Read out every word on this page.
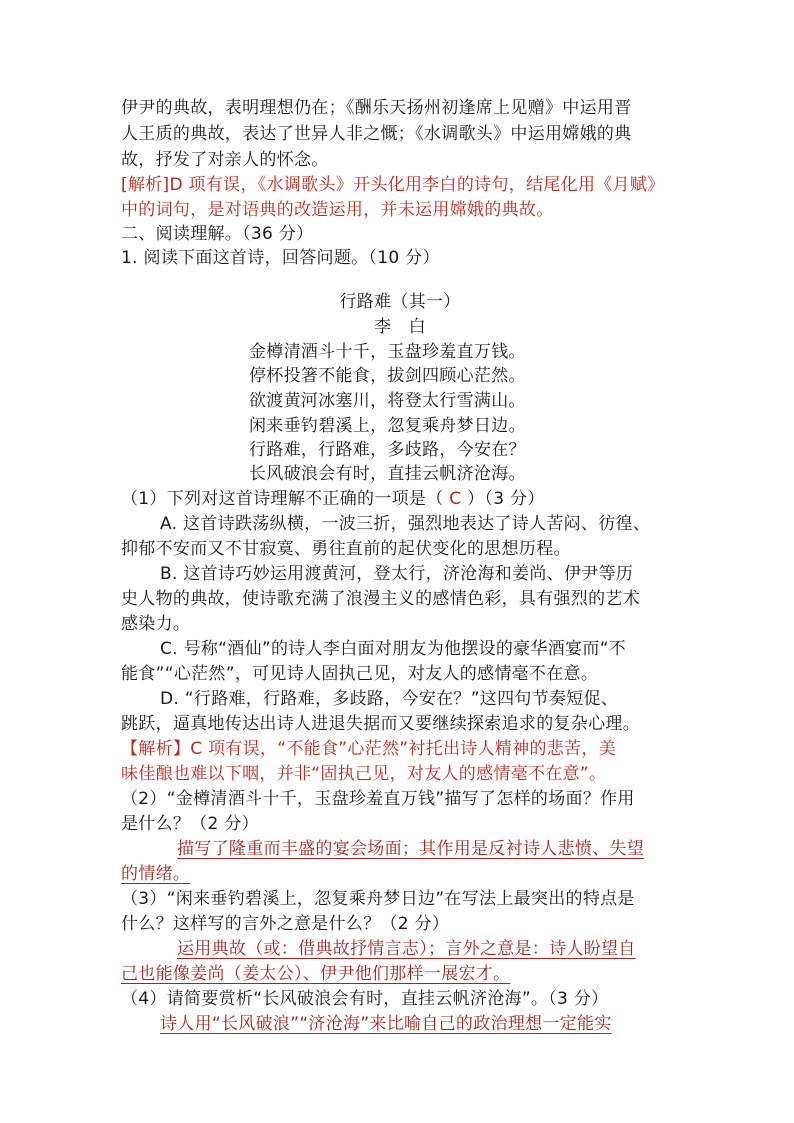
伊尹的典故，表明理想仍在；《酬乐天扬州初逢席上见赠》中运用晋
人王质的典故，表达了世异人非之慨；《水调歌头》中运用嫦娥的典
故，抒发了对亲人的怀念。
[解析]D 项有误，《水调歌头》开头化用李白的诗句，结尾化用《月赋》
中的词句，是对语典的改造运用，并未运用嫦娥的典故。
二、阅读理解。（36 分）
1. 阅读下面这首诗，回答问题。（10 分）
行路难（其一）
李　白
金樽清酒斗十千，玉盘珍羞直万钱。
停杯投箸不能食，拔剑四顾心茫然。
欲渡黄河冰塞川，将登太行雪满山。
闲来垂钓碧溪上，忽复乘舟梦日边。
行路难，行路难，多歧路，今安在？
长风破浪会有时，直挂云帆济沧海。
（1）下列对这首诗理解不正确的一项是（ C ）（3 分）
A. 这首诗跌荡纵横，一波三折，强烈地表达了诗人苦闷、彷徨、
抑郁不安而又不甘寂寞、勇往直前的起伏变化的思想历程。
B. 这首诗巧妙运用渡黄河，登太行，济沧海和姜尚、伊尹等历
史人物的典故，使诗歌充满了浪漫主义的感情色彩，具有强烈的艺术
感染力。
C. 号称“酒仙”的诗人李白面对朋友为他摆设的豪华酒宴而“不
能食”“心茫然”，可见诗人固执己见，对友人的感情毫不在意。
D. “行路难，行路难，多歧路，今安在？”这四句节奏短促、
跳跃，逼真地传达出诗人进退失据而又要继续探索追求的复杂心理。
【解析】C 项有误，“不能食”心茫然”衬托出诗人精神的悲苦，美
味佳酿也难以下咽，并非“固执己见，对友人的感情毫不在意”。
（2）“金樽清酒斗十千，玉盘珍羞直万钱”描写了怎样的场面？作用
是什么？（2 分）
描写了隆重而丰盛的宴会场面；其作用是反衬诗人悲愤、失望
的情绪。
（3）“闲来垂钓碧溪上，忽复乘舟梦日边”在写法上最突出的特点是
什么？这样写的言外之意是什么？（2 分）
运用典故（或：借典故抒情言志）；言外之意是：诗人盼望自
己也能像姜尚（姜太公）、伊尹他们那样一展宏才。
（4）请简要赏析“长风破浪会有时，直挂云帆济沧海”。（3 分）
诗人用“长风破浪”“济沧海”来比喻自己的政治理想一定能实
